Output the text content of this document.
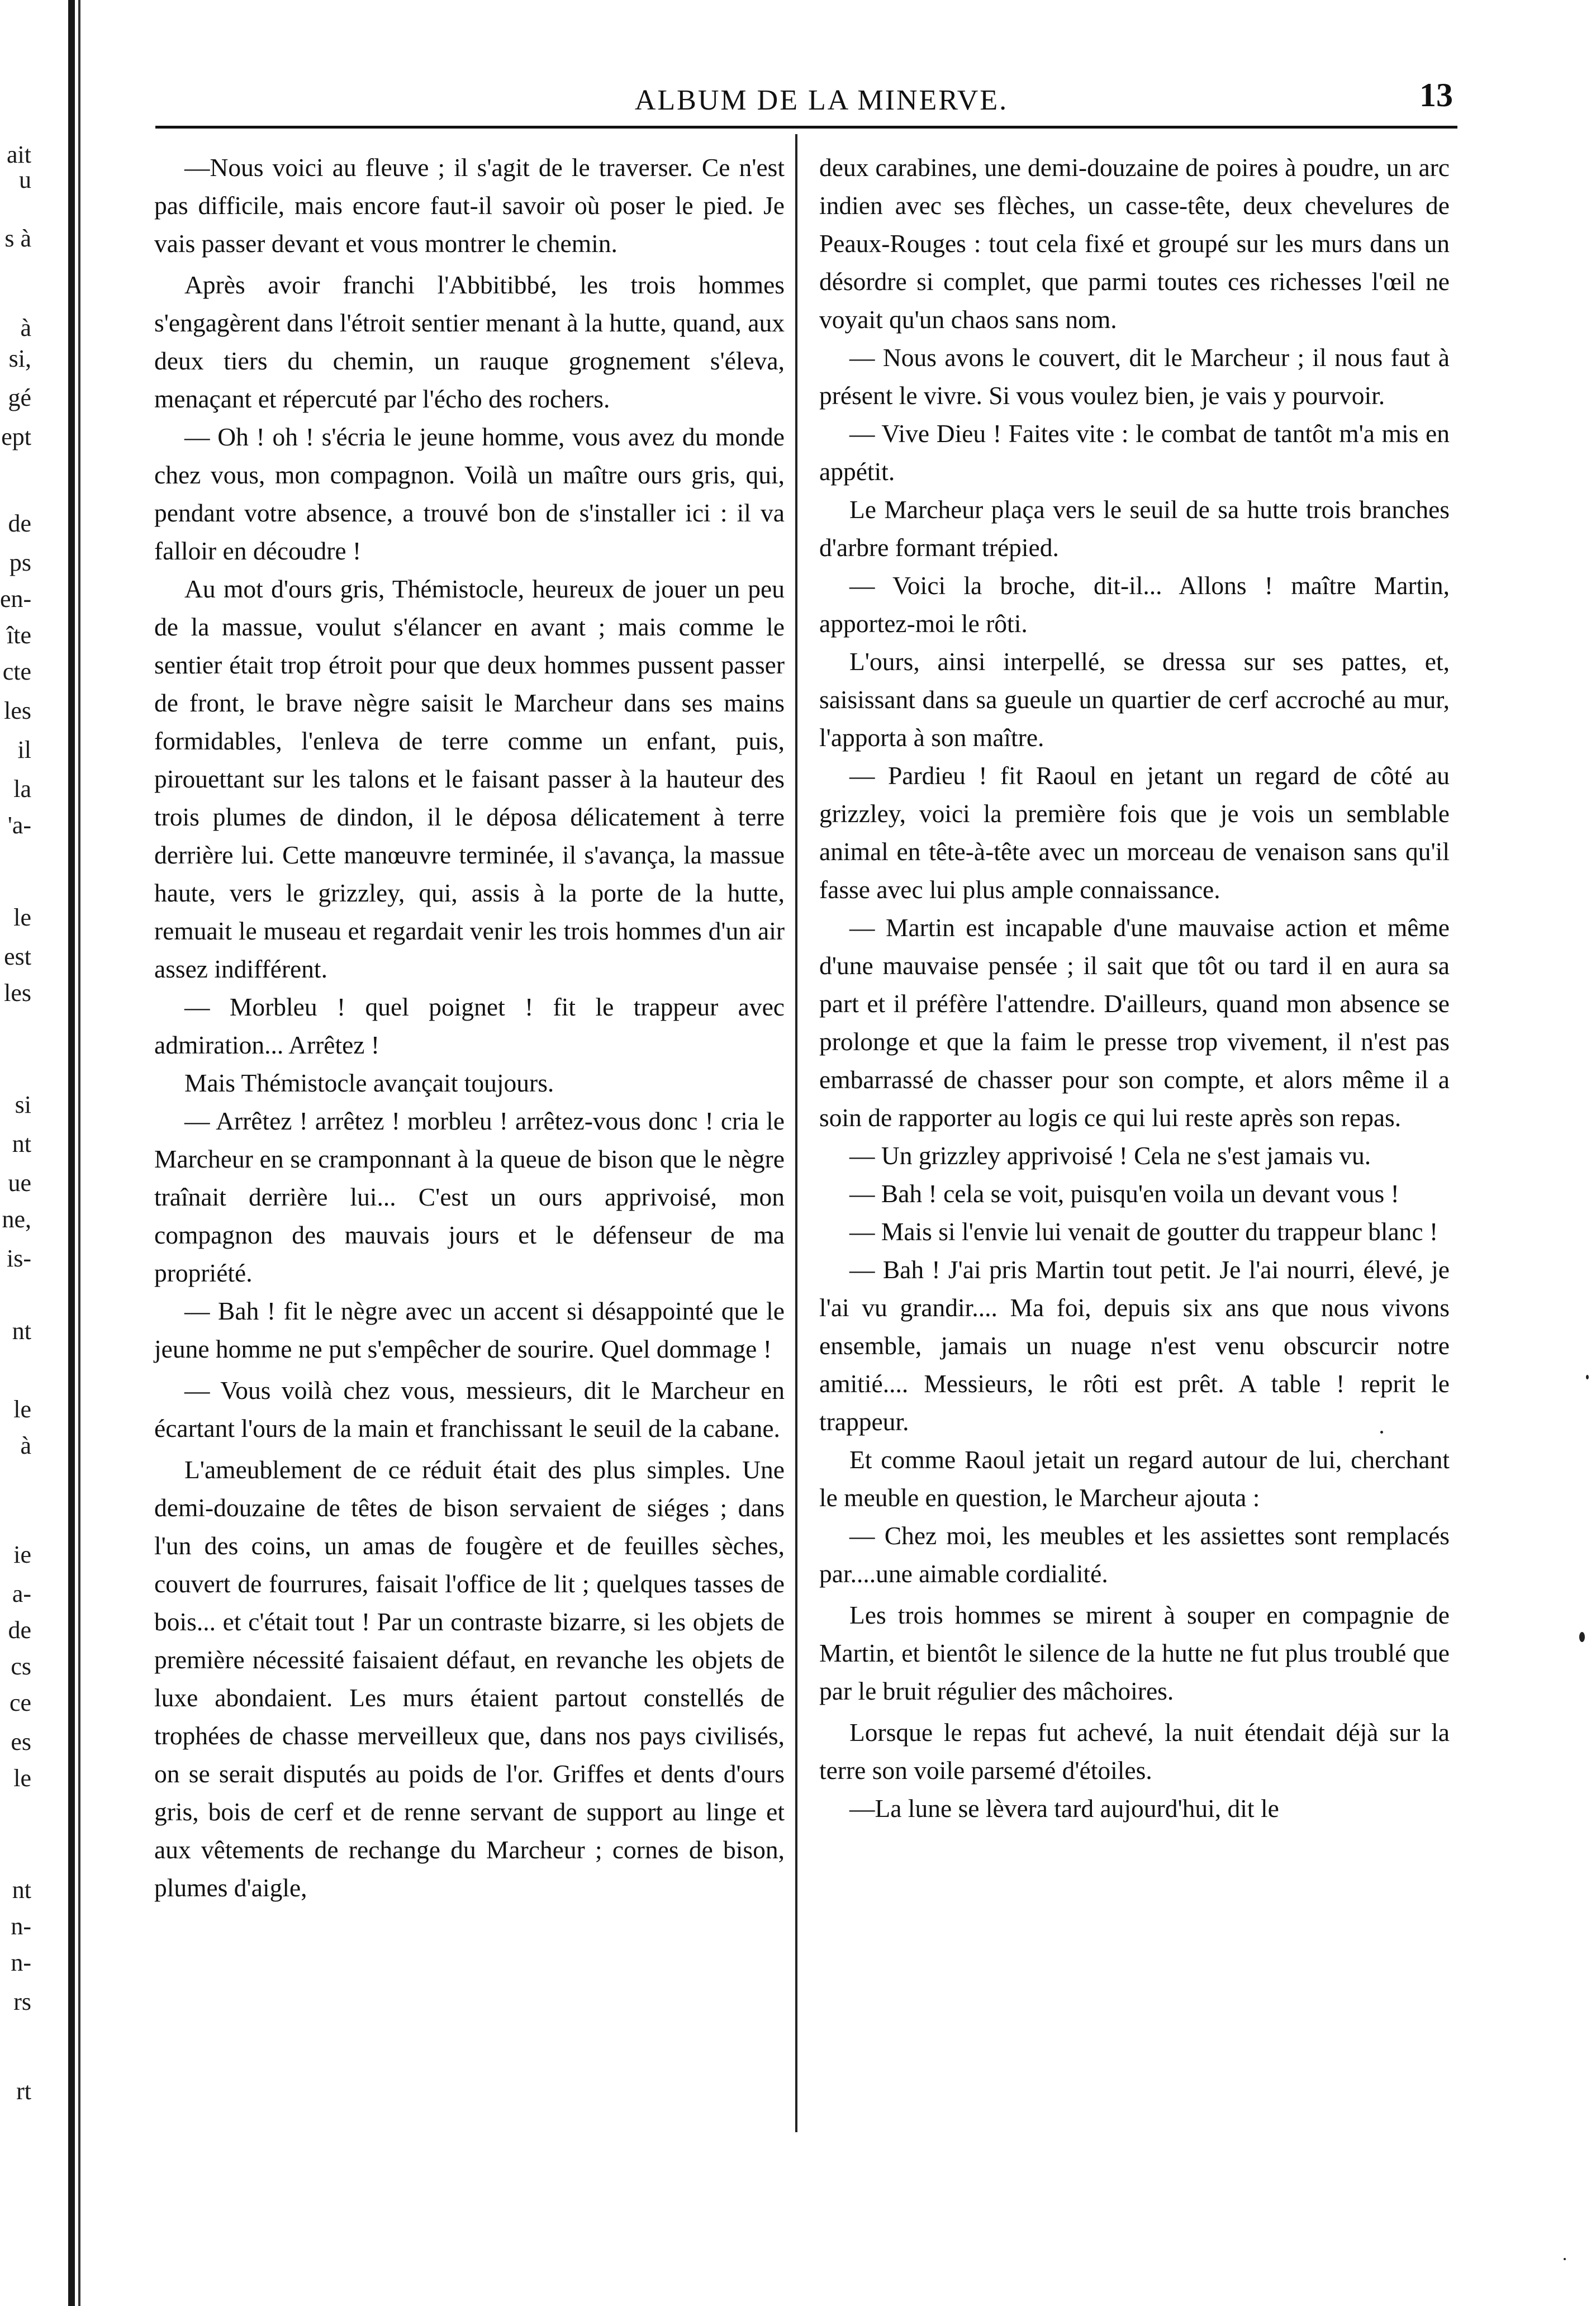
ait
u
s à
à
si,
gé
ept
de
ps
en-
îte
cte
les
il
la
'a-
le
est
les
si
nt
ue
ne,
is-
nt
le
à
ie
a-
de
cs
ce
es
le
nt
n-
n-
rs
rt
ALBUM DE LA MINERVE.	13

—Nous voici au fleuve ; il s'agit de le traverser. Ce n'est pas difficile, mais encore faut-il savoir où poser le pied. Je vais passer devant et vous montrer le chemin.

Après avoir franchi l'Abbitibbé, les trois hommes s'engagèrent dans l'étroit sentier menant à la hutte, quand, aux deux tiers du chemin, un rauque grognement s'éleva, menaçant et répercuté par l'écho des rochers.

— Oh ! oh ! s'écria le jeune homme, vous avez du monde chez vous, mon compagnon. Voilà un maître ours gris, qui, pendant votre absence, a trouvé bon de s'installer ici : il va falloir en découdre !

Au mot d'ours gris, Thémistocle, heureux de jouer un peu de la massue, voulut s'élancer en avant ; mais comme le sentier était trop étroit pour que deux hommes pussent passer de front, le brave nègre saisit le Marcheur dans ses mains formidables, l'enleva de terre comme un enfant, puis, pirouettant sur les talons et le faisant passer à la hauteur des trois plumes de dindon, il le déposa délicatement à terre derrière lui. Cette manœuvre terminée, il s'avança, la massue haute, vers le grizzley, qui, assis à la porte de la hutte, remuait le museau et regardait venir les trois hommes d'un air assez indifférent.

— Morbleu ! quel poignet ! fit le trappeur avec admiration... Arrêtez !

Mais Thémistocle avançait toujours.

— Arrêtez ! arrêtez ! morbleu ! arrêtez-vous donc ! cria le Marcheur en se cramponnant à la queue de bison que le nègre traînait derrière lui... C'est un ours apprivoisé, mon compagnon des mauvais jours et le défenseur de ma propriété.

— Bah ! fit le nègre avec un accent si désappointé que le jeune homme ne put s'empêcher de sourire. Quel dommage !

— Vous voilà chez vous, messieurs, dit le Marcheur en écartant l'ours de la main et franchissant le seuil de la cabane.

L'ameublement de ce réduit était des plus simples. Une demi-douzaine de têtes de bison servaient de siéges ; dans l'un des coins, un amas de fougère et de feuilles sèches, couvert de fourrures, faisait l'office de lit ; quelques tasses de bois... et c'était tout ! Par un contraste bizarre, si les objets de première nécessité faisaient défaut, en revanche les objets de luxe abondaient. Les murs étaient partout constellés de trophées de chasse merveilleux que, dans nos pays civilisés, on se serait disputés au poids de l'or. Griffes et dents d'ours gris, bois de cerf et de renne servant de support au linge et aux vêtements de rechange du Marcheur ; cornes de bison, plumes d'aigle,

deux carabines, une demi-douzaine de poires à poudre, un arc indien avec ses flèches, un casse-tête, deux chevelures de Peaux-Rouges : tout cela fixé et groupé sur les murs dans un désordre si complet, que parmi toutes ces richesses l'œil ne voyait qu'un chaos sans nom.

— Nous avons le couvert, dit le Marcheur ; il nous faut à présent le vivre. Si vous voulez bien, je vais y pourvoir.

— Vive Dieu ! Faites vite : le combat de tantôt m'a mis en appétit.

Le Marcheur plaça vers le seuil de sa hutte trois branches d'arbre formant trépied.

— Voici la broche, dit-il... Allons ! maître Martin, apportez-moi le rôti.

L'ours, ainsi interpellé, se dressa sur ses pattes, et, saisissant dans sa gueule un quartier de cerf accroché au mur, l'apporta à son maître.

— Pardieu ! fit Raoul en jetant un regard de côté au grizzley, voici la première fois que je vois un semblable animal en tête-à-tête avec un morceau de venaison sans qu'il fasse avec lui plus ample connaissance.

— Martin est incapable d'une mauvaise action et même d'une mauvaise pensée ; il sait que tôt ou tard il en aura sa part et il préfère l'attendre. D'ailleurs, quand mon absence se prolonge et que la faim le presse trop vivement, il n'est pas embarrassé de chasser pour son compte, et alors même il a soin de rapporter au logis ce qui lui reste après son repas.

— Un grizzley apprivoisé ! Cela ne s'est jamais vu.

— Bah ! cela se voit, puisqu'en voila un devant vous !

— Mais si l'envie lui venait de goutter du trappeur blanc !

— Bah ! J'ai pris Martin tout petit. Je l'ai nourri, élevé, je l'ai vu grandir.... Ma foi, depuis six ans que nous vivons ensemble, jamais un nuage n'est venu obscurcir notre amitié.... Messieurs, le rôti est prêt. A table ! reprit le trappeur.

Et comme Raoul jetait un regard autour de lui, cherchant le meuble en question, le Marcheur ajouta :

— Chez moi, les meubles et les assiettes sont remplacés par....une aimable cordialité.

Les trois hommes se mirent à souper en compagnie de Martin, et bientôt le silence de la hutte ne fut plus troublé que par le bruit régulier des mâchoires.

Lorsque le repas fut achevé, la nuit étendait déjà sur la terre son voile parsemé d'étoiles.

—La lune se lèvera tard aujourd'hui, dit le
